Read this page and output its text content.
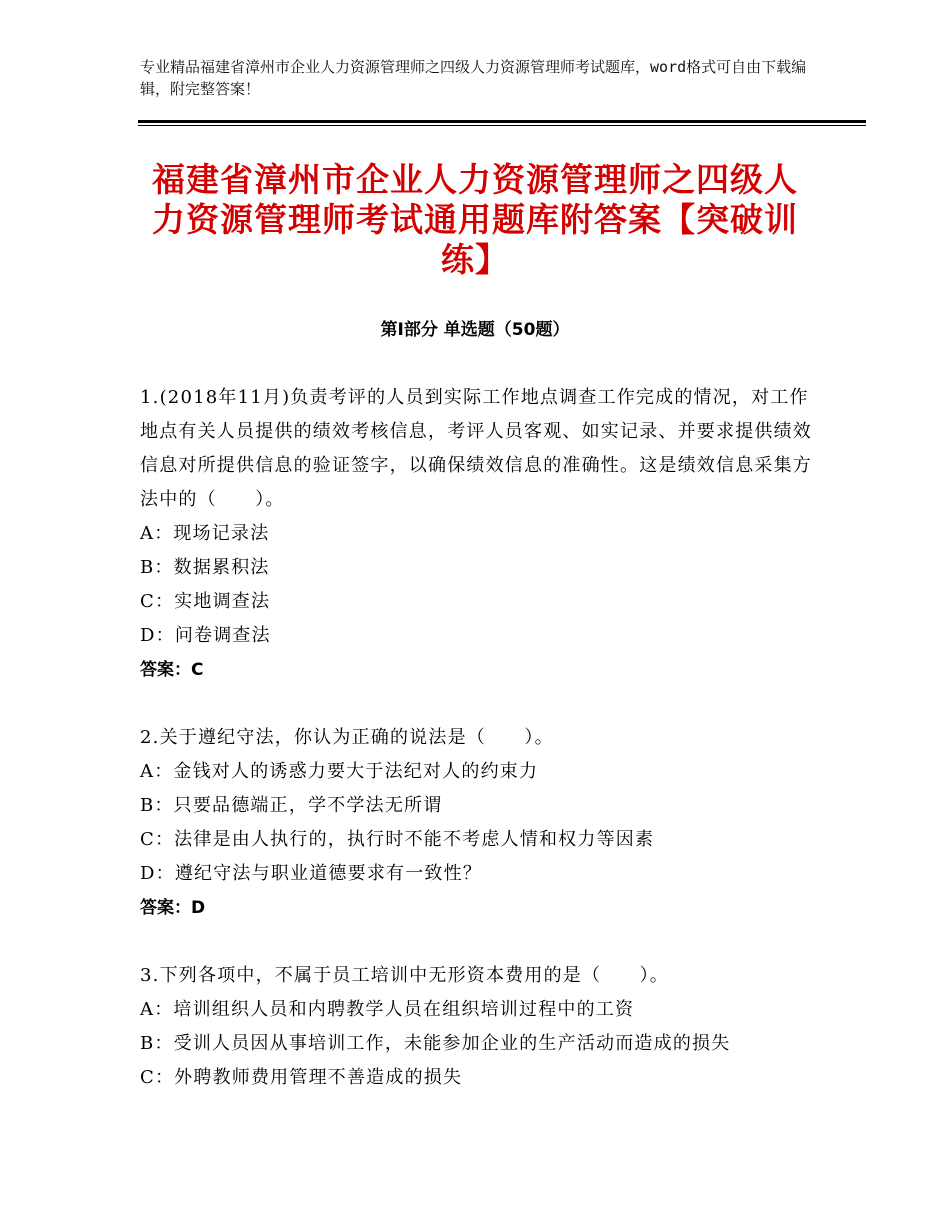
专业精品福建省漳州市企业人力资源管理师之四级人力资源管理师考试题库，word格式可自由下载编辑，附完整答案！
福建省漳州市企业人力资源管理师之四级人力资源管理师考试通用题库附答案【突破训练】
第Ⅰ部分 单选题（50题）

1.(2018年11月)负责考评的人员到实际工作地点调查工作完成的情况，对工作地点有关人员提供的绩效考核信息，考评人员客观、如实记录、并要求提供绩效信息对所提供信息的验证签字，以确保绩效信息的准确性。这是绩效信息采集方法中的（　　）。

A：现场记录法
B：数据累积法
C：实地调查法
D：问卷调查法
答案：C

2.关于遵纪守法，你认为正确的说法是（　　）。

A：金钱对人的诱惑力要大于法纪对人的约束力
B：只要品德端正，学不学法无所谓
C：法律是由人执行的，执行时不能不考虑人情和权力等因素
D：遵纪守法与职业道德要求有一致性？
答案：D

3.下列各项中，不属于员工培训中无形资本费用的是（　　）。

A：培训组织人员和内聘教学人员在组织培训过程中的工资
B：受训人员因从事培训工作，未能参加企业的生产活动而造成的损失
C：外聘教师费用管理不善造成的损失
